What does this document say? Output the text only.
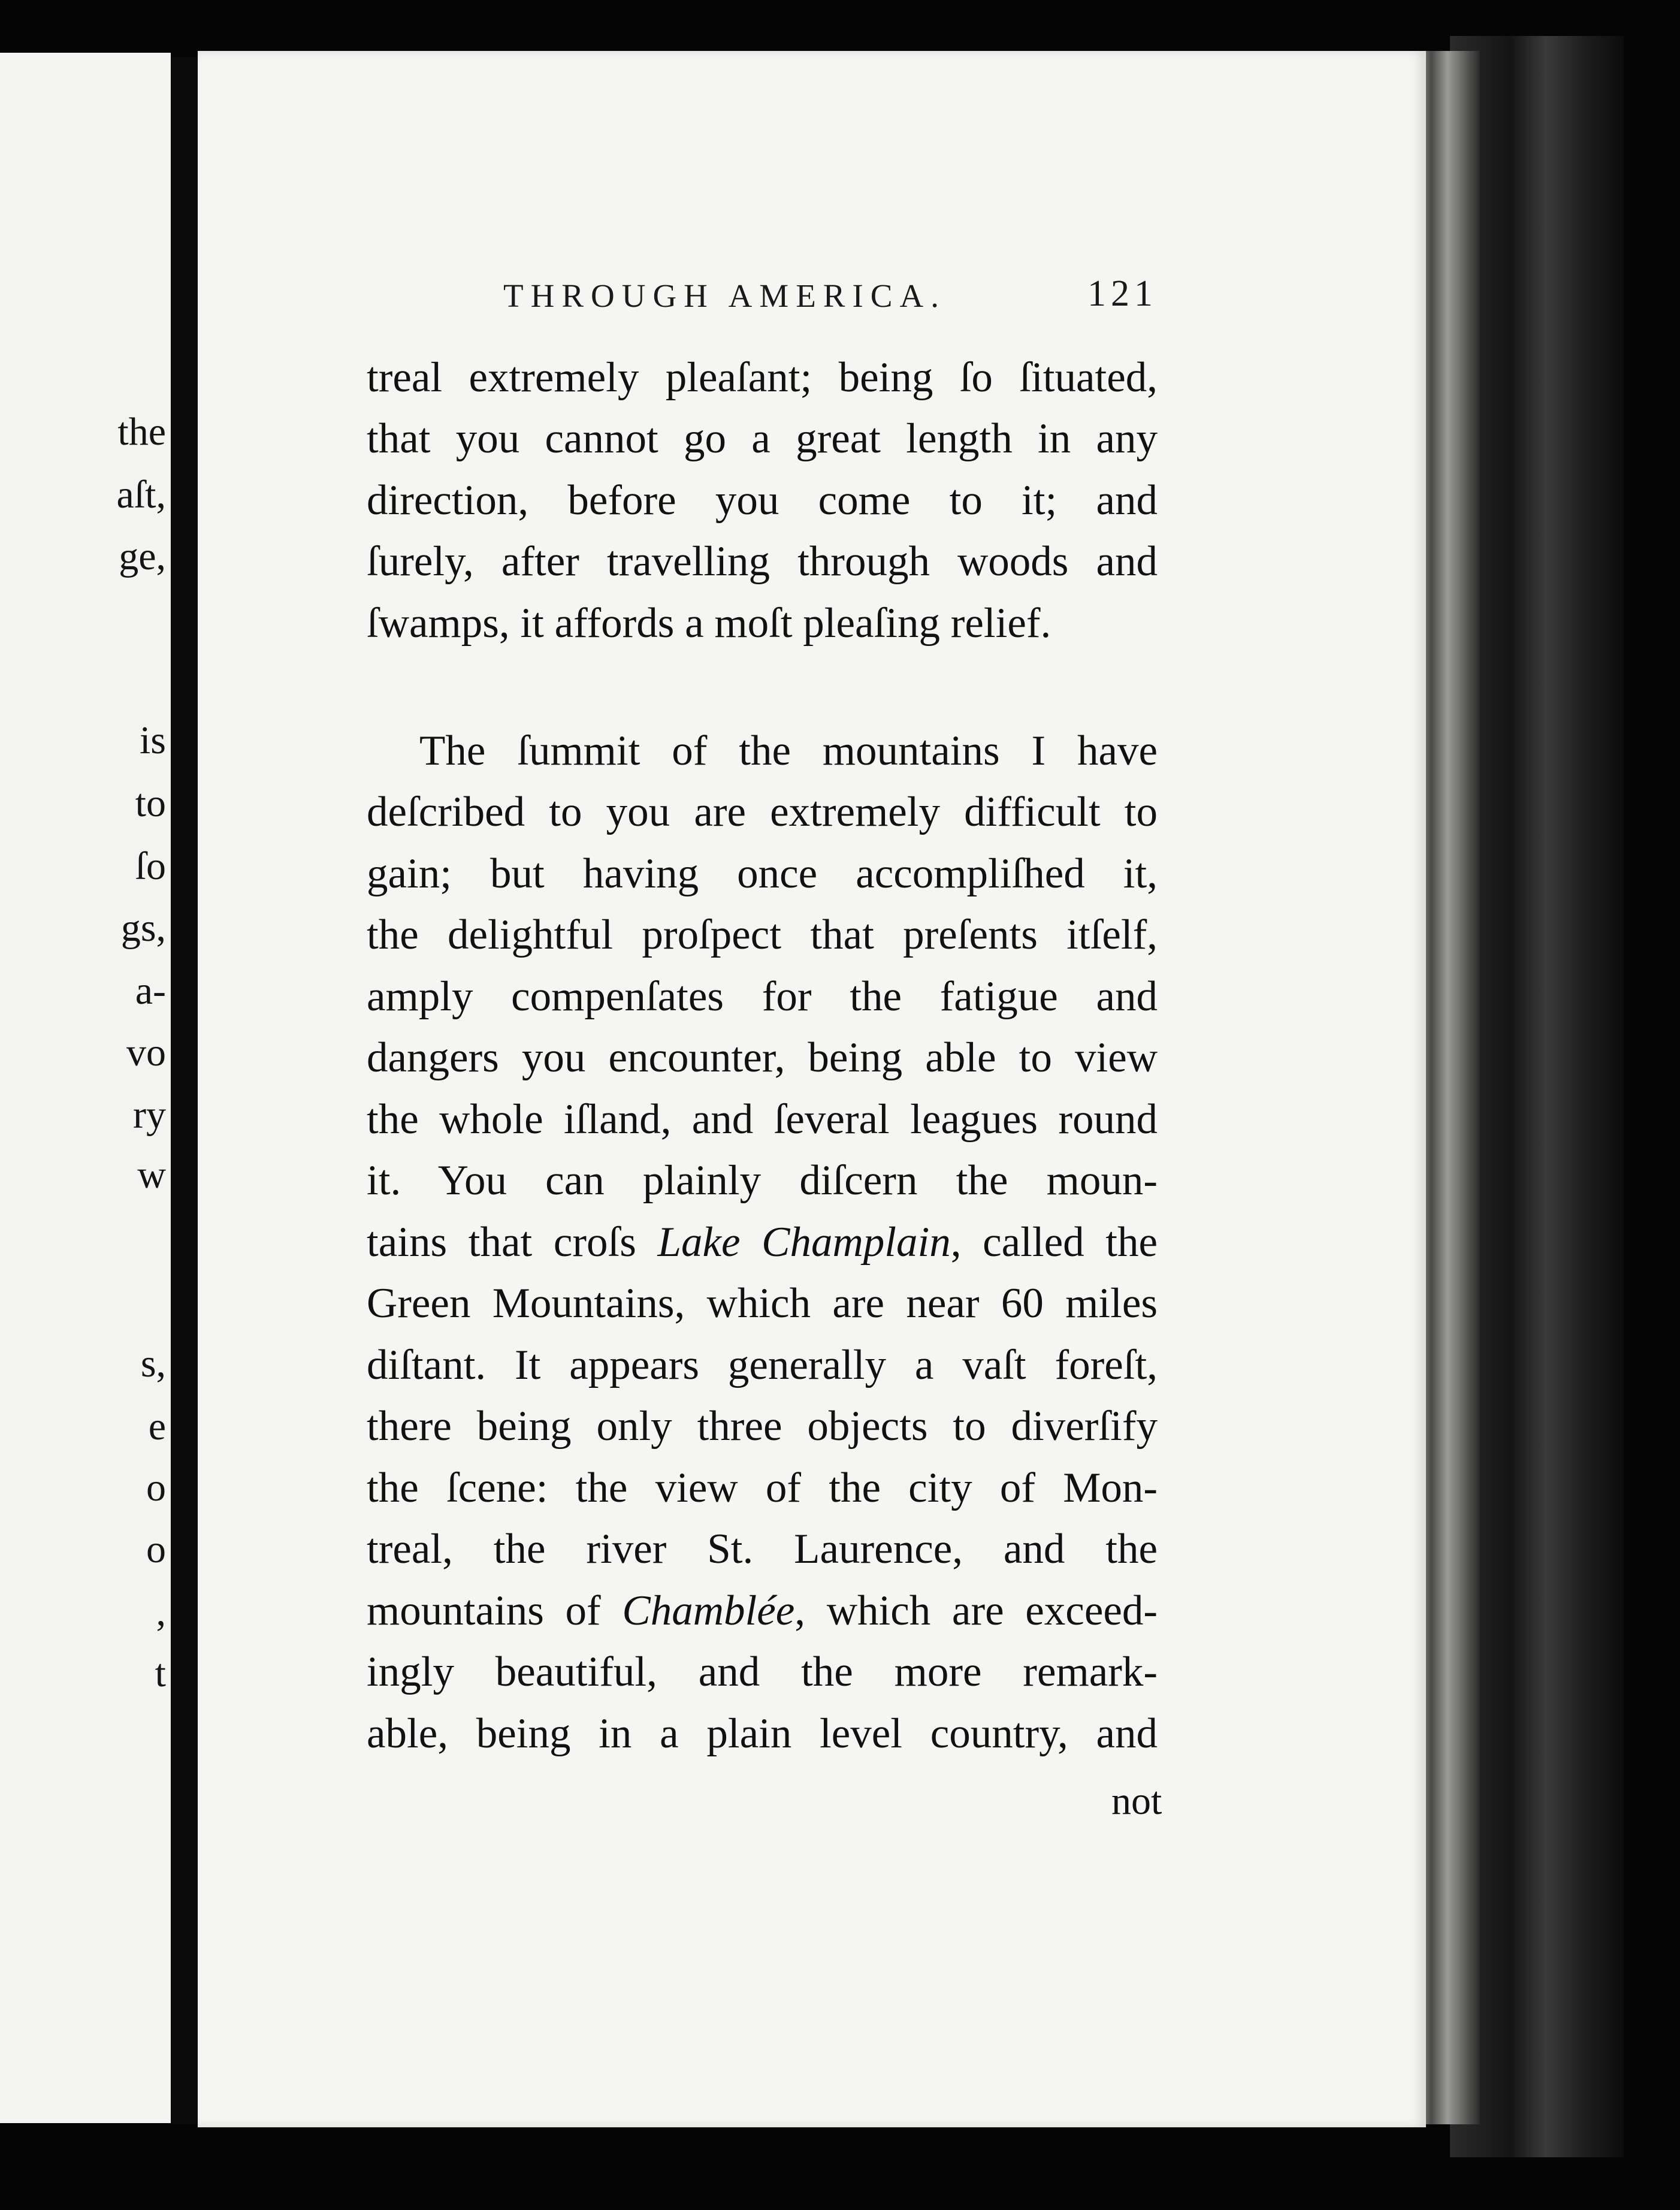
the
aſt,
ge,
is
to
ſo
gs,
a-
vo
ry
w
s,
e
o
o
,
t
THROUGH AMERICA.	121
treal extremely pleaſant; being ſo ſituated,
that you cannot go a great length in any
direction, before you come to it; and
ſurely, after travelling through woods and
ſwamps, it affords a moſt pleaſing relief.
The ſummit of the mountains I have
deſcribed to you are extremely difficult to
gain; but having once accompliſhed it,
the delightful proſpect that preſents itſelf,
amply compenſates for the fatigue and
dangers you encounter, being able to view
the whole iſland, and ſeveral leagues round
it. You can plainly diſcern the moun-
tains that croſs Lake Champlain, called the
Green Mountains, which are near 60 miles
diſtant. It appears generally a vaſt foreſt,
there being only three objects to diverſify
the ſcene: the view of the city of Mon-
treal, the river St. Laurence, and the
mountains of Chamblée, which are exceed-
ingly beautiful, and the more remark-
able, being in a plain level country, and
not
